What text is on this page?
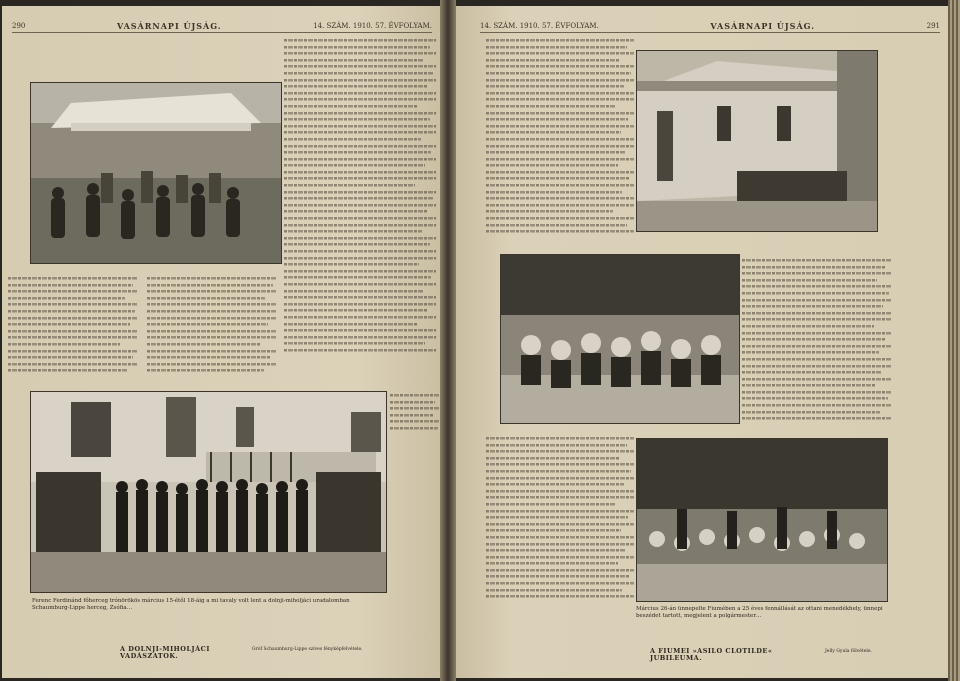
290	VASÁRNAPI ÚJSÁG.	14. SZÁM. 1910. 57. ÉVFOLYAM.
Ferenc Ferdinánd főherceg trónörökös március 15-étől 18-áig a mi tavaly volt lent a dolnji-miholjáci uradalomban Schaumburg-Lippe herceg, Zsófia…
A DOLNJI-MIHOLJÁCI VADÁSZATOK.
Gróf Schaumburg-Lippe szíves fényképfelvétele.
14. SZÁM. 1910. 57. ÉVFOLYAM.	VASÁRNAPI ÚJSÁG.	291
Március 26-án ünnepelte Fiumében a 25 éves fennállását az ottani menedékhely, ünnepi beszédet tartott, megjelent a polgármester…
A FIUMEI »ASILO CLOTILDE« JUBILEUMA.
Jelly Gyula fölvétele.
